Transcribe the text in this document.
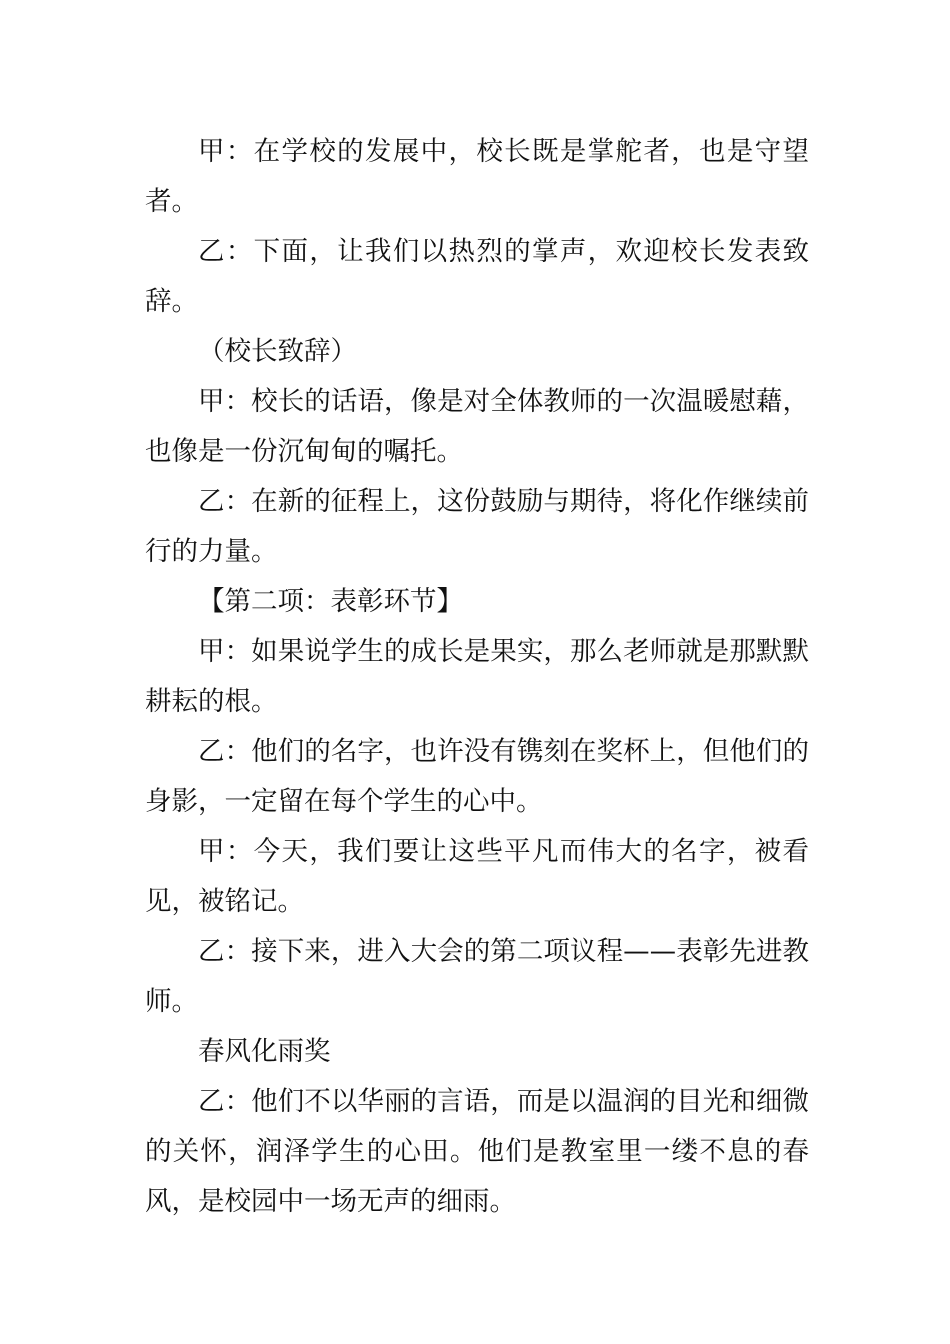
甲：在学校的发展中，校长既是掌舵者，也是守望者。

乙：下面，让我们以热烈的掌声，欢迎校长发表致辞。

（校长致辞）

甲：校长的话语，像是对全体教师的一次温暖慰藉，也像是一份沉甸甸的嘱托。

乙：在新的征程上，这份鼓励与期待，将化作继续前行的力量。

【第二项：表彰环节】

甲：如果说学生的成长是果实，那么老师就是那默默耕耘的根。

乙：他们的名字，也许没有镌刻在奖杯上，但他们的身影，一定留在每个学生的心中。

甲：今天，我们要让这些平凡而伟大的名字，被看见，被铭记。

乙：接下来，进入大会的第二项议程——表彰先进教师。

春风化雨奖

乙：他们不以华丽的言语，而是以温润的目光和细微的关怀，润泽学生的心田。他们是教室里一缕不息的春风，是校园中一场无声的细雨。
